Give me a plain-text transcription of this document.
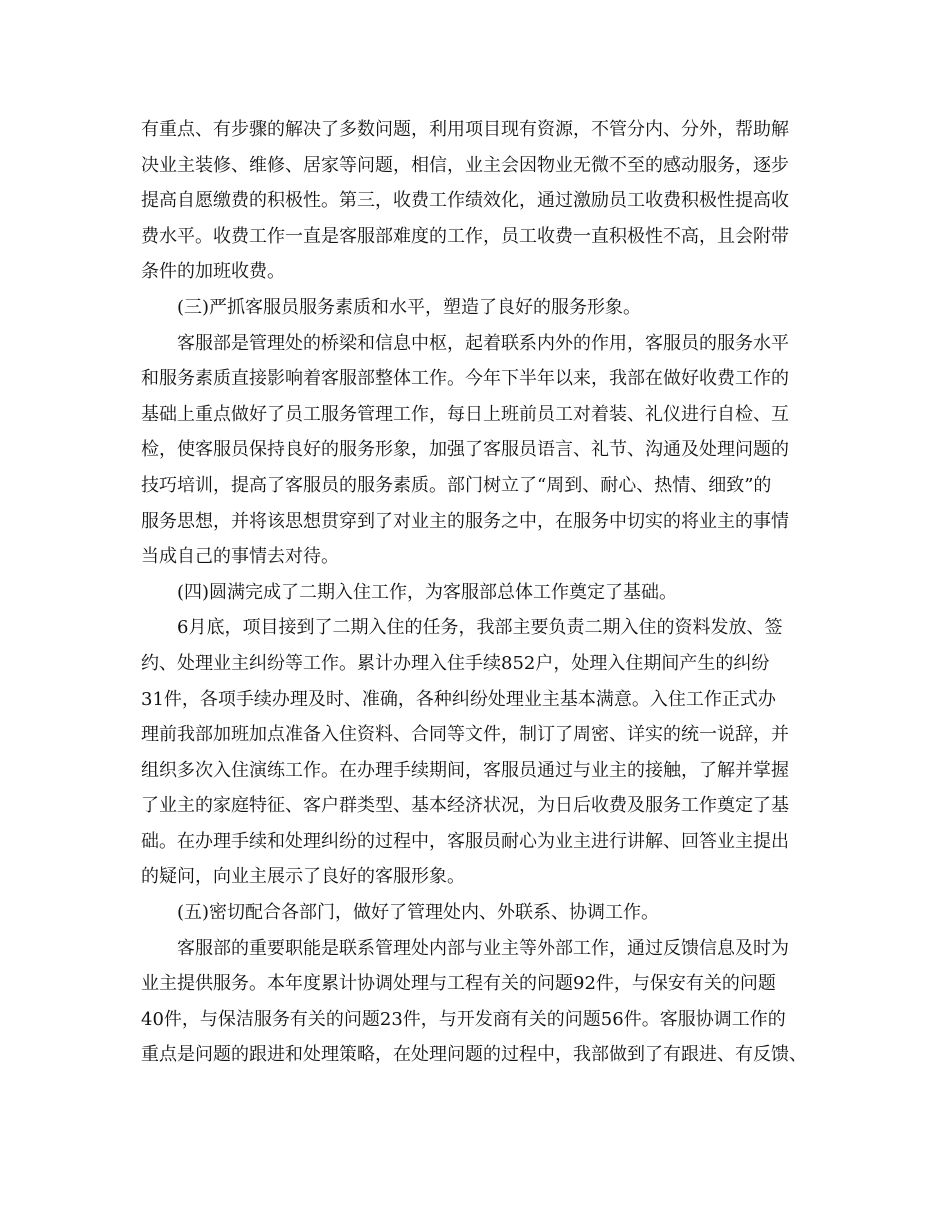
有重点、有步骤的解决了多数问题，利用项目现有资源，不管分内、分外，帮助解
决业主装修、维修、居家等问题，相信，业主会因物业无微不至的感动服务，逐步
提高自愿缴费的积极性。第三，收费工作绩效化，通过激励员工收费积极性提高收
费水平。收费工作一直是客服部难度的工作，员工收费一直积极性不高，且会附带
条件的加班收费。
(三)严抓客服员服务素质和水平，塑造了良好的服务形象。
客服部是管理处的桥梁和信息中枢，起着联系内外的作用，客服员的服务水平
和服务素质直接影响着客服部整体工作。今年下半年以来，我部在做好收费工作的
基础上重点做好了员工服务管理工作，每日上班前员工对着装、礼仪进行自检、互
检，使客服员保持良好的服务形象，加强了客服员语言、礼节、沟通及处理问题的
技巧培训，提高了客服员的服务素质。部门树立了“周到、耐心、热情、细致”的
服务思想，并将该思想贯穿到了对业主的服务之中，在服务中切实的将业主的事情
当成自己的事情去对待。
(四)圆满完成了二期入住工作，为客服部总体工作奠定了基础。
6月底，项目接到了二期入住的任务，我部主要负责二期入住的资料发放、签
约、处理业主纠纷等工作。累计办理入住手续852户，处理入住期间产生的纠纷
31件，各项手续办理及时、准确，各种纠纷处理业主基本满意。入住工作正式办
理前我部加班加点准备入住资料、合同等文件，制订了周密、详实的统一说辞，并
组织多次入住演练工作。在办理手续期间，客服员通过与业主的接触，了解并掌握
了业主的家庭特征、客户群类型、基本经济状况，为日后收费及服务工作奠定了基
础。在办理手续和处理纠纷的过程中，客服员耐心为业主进行讲解、回答业主提出
的疑问，向业主展示了良好的客服形象。
(五)密切配合各部门，做好了管理处内、外联系、协调工作。
客服部的重要职能是联系管理处内部与业主等外部工作，通过反馈信息及时为
业主提供服务。本年度累计协调处理与工程有关的问题92件，与保安有关的问题
40件，与保洁服务有关的问题23件，与开发商有关的问题56件。客服协调工作的
重点是问题的跟进和处理策略，在处理问题的过程中，我部做到了有跟进、有反馈、
